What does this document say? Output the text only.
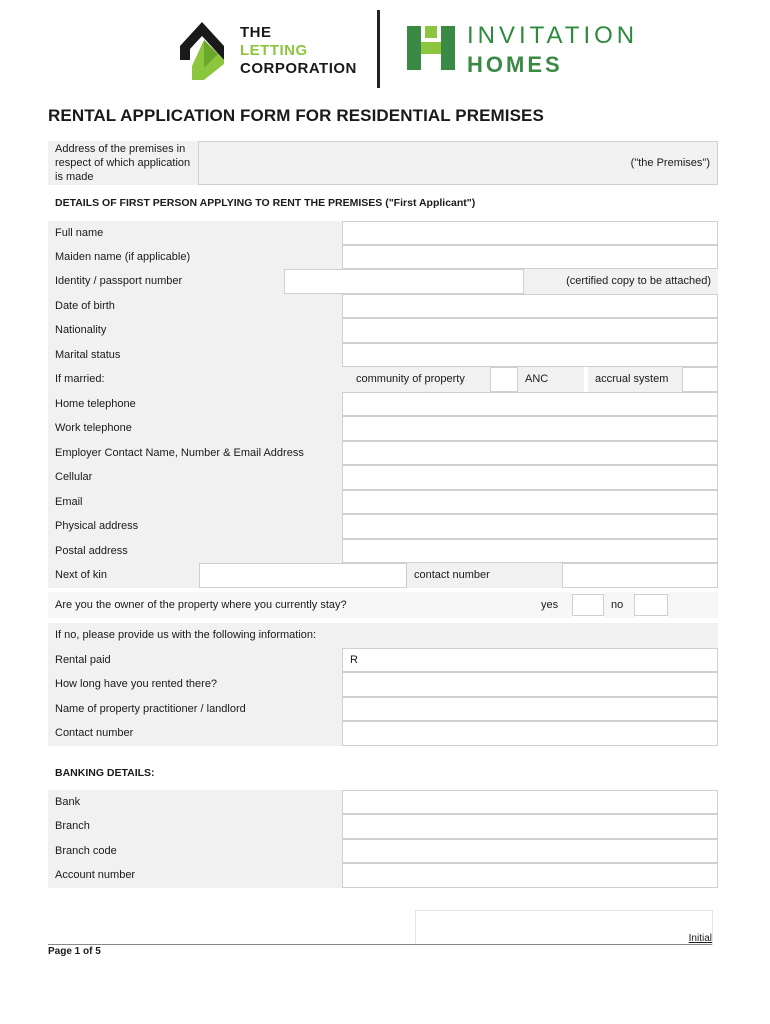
THE
LETTING
CORPORATION
INVITATION
HOMES
RENTAL APPLICATION FORM FOR RESIDENTIAL PREMISES
Address of the premises in respect of which application is made
("the Premises")
DETAILS OF FIRST PERSON APPLYING TO RENT THE PREMISES ("First Applicant")
Full name
Maiden name (if applicable)
Identity / passport number	(certified copy to be attached)
Date of birth
Nationality
Marital status
If married:	community of property	ANC	accrual system
Home telephone
Work telephone
Employer Contact Name, Number & Email Address
Cellular
Email
Physical address
Postal address
Next of kin	contact number
Are you the owner of the property where you currently stay?	yes	no
If no, please provide us with the following information:
Rental paid	R
How long have you rented there?
Name of property practitioner / landlord
Contact number
BANKING DETAILS:
Bank
Branch
Branch code
Account number
Initial
Page 1 of 5
